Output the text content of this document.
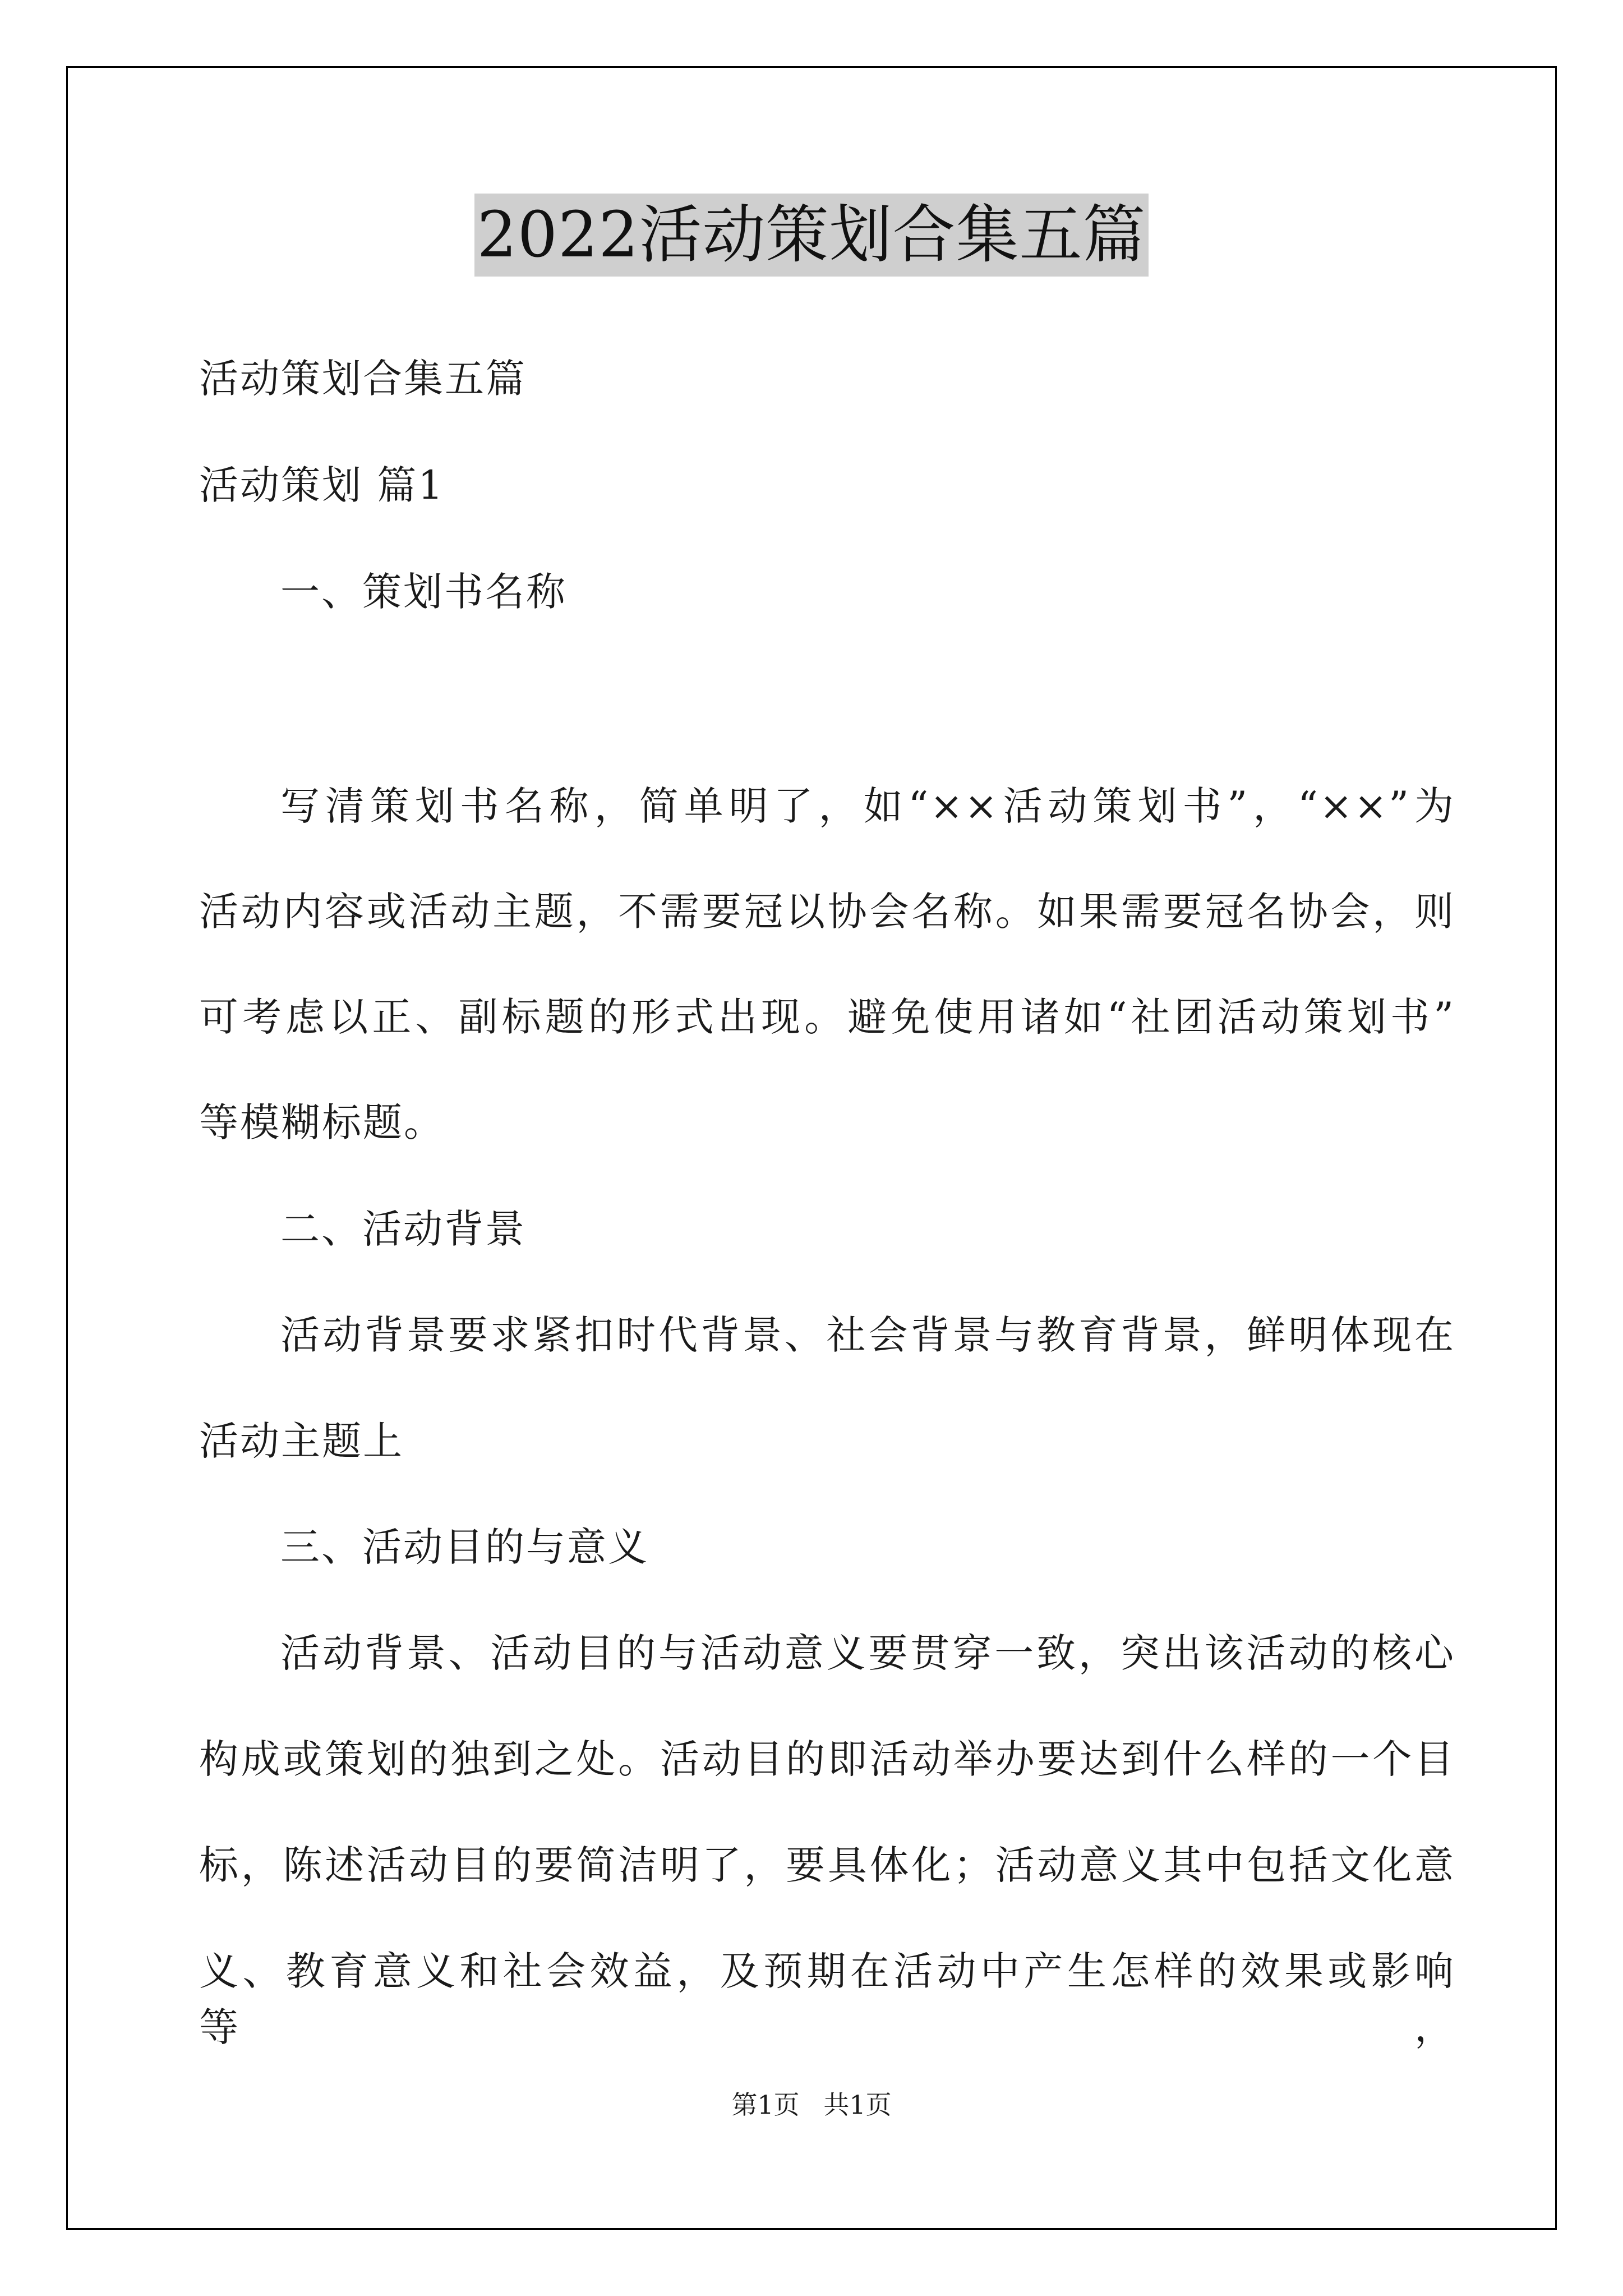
2022活动策划合集五篇
活动策划合集五篇
活动策划 篇1
一、策划书名称
写清策划书名称，简单明了，如“××活动策划书”，“××”为
活动内容或活动主题，不需要冠以协会名称。如果需要冠名协会，则
可考虑以正、副标题的形式出现。避免使用诸如“社团活动策划书”
等模糊标题。
二、活动背景
活动背景要求紧扣时代背景、社会背景与教育背景，鲜明体现在
活动主题上
三、活动目的与意义
活动背景、活动目的与活动意义要贯穿一致，突出该活动的核心
构成或策划的独到之处。活动目的即活动举办要达到什么样的一个目
标，陈述活动目的要简洁明了，要具体化；活动意义其中包括文化意
义、教育意义和社会效益，及预期在活动中产生怎样的效果或影响等，
第1页 共1页
